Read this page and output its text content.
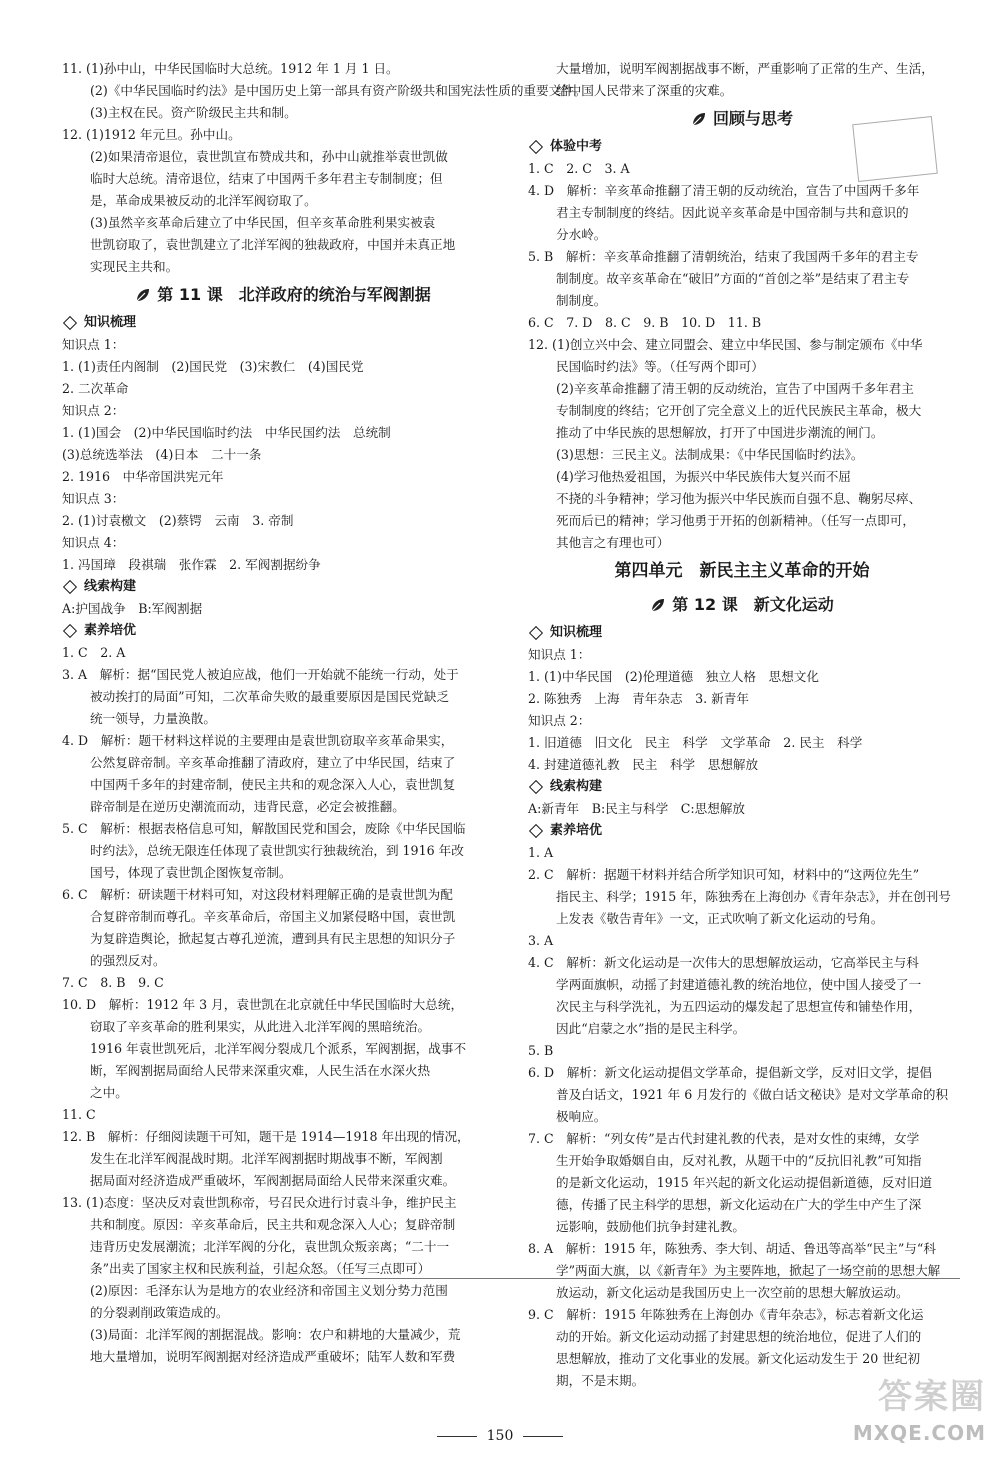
11. (1)孙中山，中华民国临时大总统。1912 年 1 月 1 日。
(2)《中华民国临时约法》是中国历史上第一部具有资产阶级共和国宪法性质的重要文件。
(3)主权在民。资产阶级民主共和制。
12. (1)1912 年元旦。孙中山。
(2)如果清帝退位，袁世凯宣布赞成共和，孙中山就推举袁世凯做
临时大总统。清帝退位，结束了中国两千多年君主专制制度；但
是，革命成果被反动的北洋军阀窃取了。
(3)虽然辛亥革命后建立了中华民国，但辛亥革命胜利果实被袁
世凯窃取了，袁世凯建立了北洋军阀的独裁政府，中国并未真正地
实现民主共和。
第 11 课　北洋政府的统治与军阀割据
知识梳理
知识点 1：
1. (1)责任内阁制　(2)国民党　(3)宋教仁　(4)国民党
2. 二次革命
知识点 2：
1. (1)国会　(2)中华民国临时约法　中华民国约法　总统制
(3)总统选举法　(4)日本　二十一条
2. 1916　中华帝国洪宪元年
知识点 3：
2. (1)讨袁檄文　(2)蔡锷　云南　3. 帝制
知识点 4：
1. 冯国璋　段祺瑞　张作霖　2. 军阀割据纷争
线索构建
A:护国战争　B:军阀割据
素养培优
1. C　2. A
3. A　解析：据“国民党人被迫应战，他们一开始就不能统一行动，处于
被动挨打的局面”可知，二次革命失败的最重要原因是国民党缺乏
统一领导，力量涣散。
4. D　解析：题干材料这样说的主要理由是袁世凯窃取辛亥革命果实，
公然复辟帝制。辛亥革命推翻了清政府，建立了中华民国，结束了
中国两千多年的封建帝制，使民主共和的观念深入人心，袁世凯复
辟帝制是在逆历史潮流而动，违背民意，必定会被推翻。
5. C　解析：根据表格信息可知，解散国民党和国会，废除《中华民国临
时约法》，总统无限连任体现了袁世凯实行独裁统治，到 1916 年改
国号，体现了袁世凯企图恢复帝制。
6. C　解析：研读题干材料可知，对这段材料理解正确的是袁世凯为配
合复辟帝制而尊孔。辛亥革命后，帝国主义加紧侵略中国，袁世凯
为复辟造舆论，掀起复古尊孔逆流，遭到具有民主思想的知识分子
的强烈反对。
7. C　8. B　9. C
10. D　解析：1912 年 3 月，袁世凯在北京就任中华民国临时大总统，
窃取了辛亥革命的胜利果实，从此进入北洋军阀的黑暗统治。
1916 年袁世凯死后，北洋军阀分裂成几个派系，军阀割据，战事不
断，军阀割据局面给人民带来深重灾难，人民生活在水深火热
之中。
11. C
12. B　解析：仔细阅读题干可知，题干是 1914—1918 年出现的情况，
发生在北洋军阀混战时期。北洋军阀割据时期战事不断，军阀割
据局面对经济造成严重破坏，军阀割据局面给人民带来深重灾难。
13. (1)态度：坚决反对袁世凯称帝，号召民众进行讨袁斗争，维护民主
共和制度。原因：辛亥革命后，民主共和观念深入人心；复辟帝制
违背历史发展潮流；北洋军阀的分化，袁世凯众叛亲离；“二十一
条”出卖了国家主权和民族利益，引起众怒。（任写三点即可）
(2)原因：毛泽东认为是地方的农业经济和帝国主义划分势力范围
的分裂剥削政策造成的。
(3)局面：北洋军阀的割据混战。影响：农户和耕地的大量减少，荒
地大量增加，说明军阀割据对经济造成严重破坏；陆军人数和军费
大量增加，说明军阀割据战事不断，严重影响了正常的生产、生活，
给中国人民带来了深重的灾难。
回顾与思考
体验中考
1. C　2. C　3. A
4. D　解析：辛亥革命推翻了清王朝的反动统治，宣告了中国两千多年
君主专制制度的终结。因此说辛亥革命是中国帝制与共和意识的
分水岭。
5. B　解析：辛亥革命推翻了清朝统治，结束了我国两千多年的君主专
制制度。故辛亥革命在“破旧”方面的“首创之举”是结束了君主专
制制度。
6. C　7. D　8. C　9. B　10. D　11. B
12. (1)创立兴中会、建立同盟会、建立中华民国、参与制定颁布《中华
民国临时约法》等。（任写两个即可）
(2)辛亥革命推翻了清王朝的反动统治，宣告了中国两千多年君主
专制制度的终结；它开创了完全意义上的近代民族民主革命，极大
推动了中华民族的思想解放，打开了中国进步潮流的闸门。
(3)思想：三民主义。法制成果：《中华民国临时约法》。
(4)学习他热爱祖国，为振兴中华民族伟大复兴而不屈
不挠的斗争精神；学习他为振兴中华民族而自强不息、鞠躬尽瘁、
死而后已的精神；学习他勇于开拓的创新精神。（任写一点即可，
其他言之有理也可）
第四单元　新民主主义革命的开始
第 12 课　新文化运动
知识梳理
知识点 1：
1. (1)中华民国　(2)伦理道德　独立人格　思想文化
2. 陈独秀　上海　青年杂志　3. 新青年
知识点 2：
1. 旧道德　旧文化　民主　科学　文学革命　2. 民主　科学
4. 封建道德礼教　民主　科学　思想解放
线索构建
A:新青年　B:民主与科学　C:思想解放
素养培优
1. A
2. C　解析：据题干材料并结合所学知识可知，材料中的“这两位先生”
指民主、科学；1915 年，陈独秀在上海创办《青年杂志》，并在创刊号
上发表《敬告青年》一文，正式吹响了新文化运动的号角。
3. A
4. C　解析：新文化运动是一次伟大的思想解放运动，它高举民主与科
学两面旗帜，动摇了封建道德礼教的统治地位，使中国人接受了一
次民主与科学洗礼，为五四运动的爆发起了思想宣传和铺垫作用，
因此“启蒙之水”指的是民主科学。
5. B
6. D　解析：新文化运动提倡文学革命，提倡新文学，反对旧文学，提倡
普及白话文，1921 年 6 月发行的《做白话文秘诀》是对文学革命的积
极响应。
7. C　解析：“列女传”是古代封建礼教的代表，是对女性的束缚，女学
生开始争取婚姻自由，反对礼教，从题干中的“反抗旧礼教”可知指
的是新文化运动，1915 年兴起的新文化运动提倡新道德，反对旧道
德，传播了民主科学的思想，新文化运动在广大的学生中产生了深
远影响，鼓励他们抗争封建礼教。
8. A　解析：1915 年，陈独秀、李大钊、胡适、鲁迅等高举“民主”与“科
学”两面大旗，以《新青年》为主要阵地，掀起了一场空前的思想大解
放运动，新文化运动是我国历史上一次空前的思想大解放运动。
9. C　解析：1915 年陈独秀在上海创办《青年杂志》，标志着新文化运
动的开始。新文化运动动摇了封建思想的统治地位，促进了人们的
思想解放，推动了文化事业的发展。新文化运动发生于 20 世纪初
期，不是末期。
150
答案圈
MXQE.COM
